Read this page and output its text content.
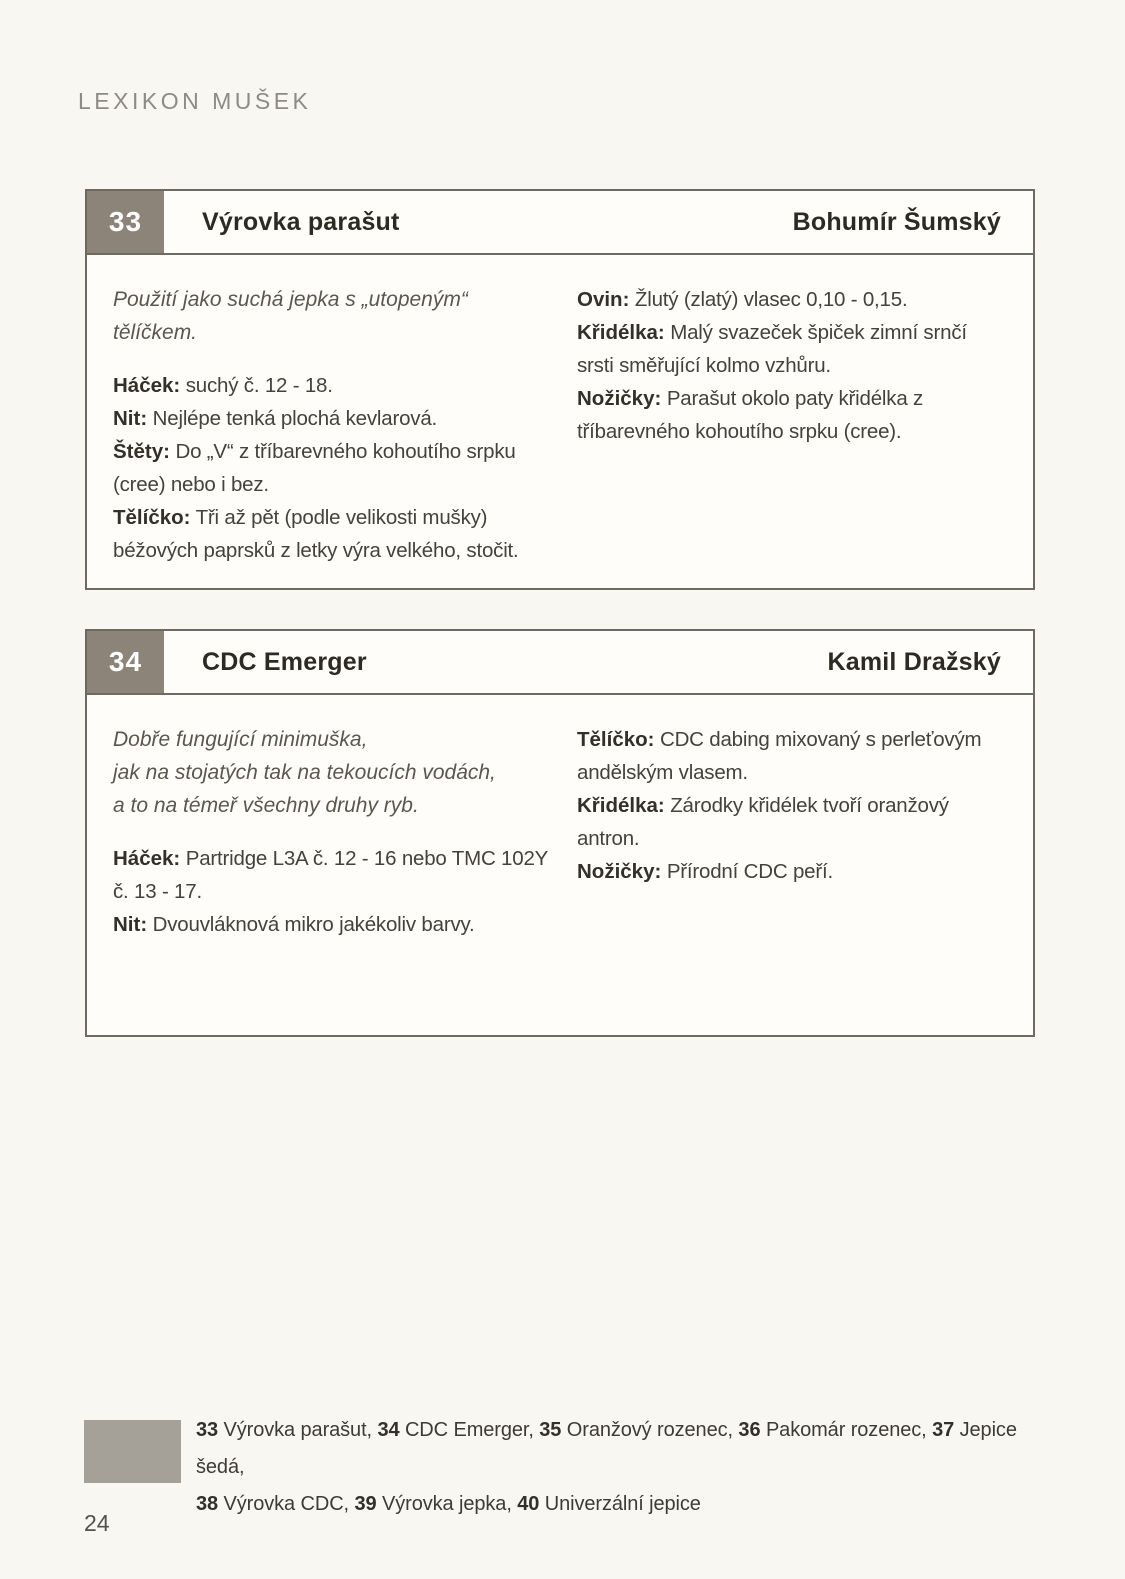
LEXIKON MUŠEK
33	Výrovka parašut	Bohumír Šumský
Použití jako suchá jepka s „utopeným“ tělíčkem.

Háček: suchý č. 12 - 18.

Nit: Nejlépe tenká plochá kevlarová.

Štěty: Do „V“ z tříbarevného kohoutího srpku (cree) nebo i bez.

Tělíčko: Tři až pět (podle velikosti mušky) béžových paprsků z letky výra velkého, stočit.

Ovin: Žlutý (zlatý) vlasec 0,10 - 0,15.

Křidélka: Malý svazeček špiček zimní srnčí srsti směřující kolmo vzhůru.

Nožičky: Parašut okolo paty křidélka z tříbarevného kohoutího srpku (cree).

34	CDC Emerger	Kamil Dražský
Dobře fungující minimuška,
jak na stojatých tak na tekoucích vodách,
a to na témeř všechny druhy ryb.

Háček: Partridge L3A č. 12 - 16 nebo TMC 102Y č. 13 - 17.

Nit: Dvouvláknová mikro jakékoliv barvy.

Tělíčko: CDC dabing mixovaný s perleťovým andělským vlasem.

Křidélka: Zárodky křidélek tvoří oranžový antron.

Nožičky: Přírodní CDC peří.

33 Výrovka parašut, 34 CDC Emerger, 35 Oranžový rozenec, 36 Pakomár rozenec, 37 Jepice šedá,
38 Výrovka CDC, 39 Výrovka jepka, 40 Univerzální jepice
24
